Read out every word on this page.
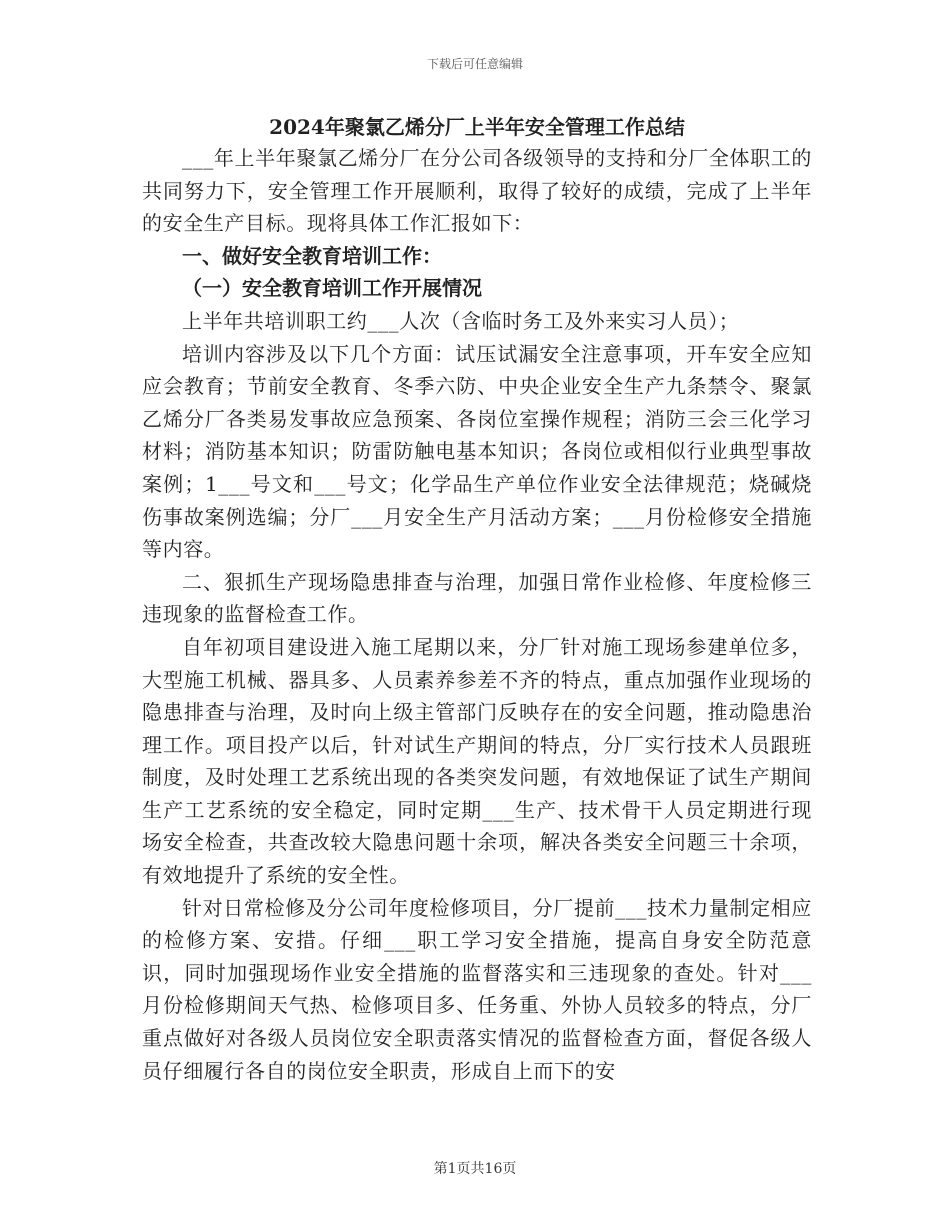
下载后可任意编辑
2024年聚氯乙烯分厂上半年安全管理工作总结

___年上半年聚氯乙烯分厂在分公司各级领导的支持和分厂全体职工的共同努力下，安全管理工作开展顺利，取得了较好的成绩，完成了上半年的安全生产目标。现将具体工作汇报如下：

一、做好安全教育培训工作：

（一）安全教育培训工作开展情况

上半年共培训职工约___人次（含临时务工及外来实习人员）；

培训内容涉及以下几个方面：试压试漏安全注意事项，开车安全应知应会教育；节前安全教育、冬季六防、中央企业安全生产九条禁令、聚氯乙烯分厂各类易发事故应急预案、各岗位室操作规程；消防三会三化学习材料；消防基本知识；防雷防触电基本知识；各岗位或相似行业典型事故案例；1___号文和___号文；化学品生产单位作业安全法律规范；烧碱烧伤事故案例选编；分厂___月安全生产月活动方案；___月份检修安全措施等内容。

二、狠抓生产现场隐患排查与治理，加强日常作业检修、年度检修三违现象的监督检查工作。

自年初项目建设进入施工尾期以来，分厂针对施工现场参建单位多，大型施工机械、器具多、人员素养参差不齐的特点，重点加强作业现场的隐患排查与治理，及时向上级主管部门反映存在的安全问题，推动隐患治理工作。项目投产以后，针对试生产期间的特点，分厂实行技术人员跟班制度，及时处理工艺系统出现的各类突发问题，有效地保证了试生产期间生产工艺系统的安全稳定，同时定期___生产、技术骨干人员定期进行现场安全检查，共查改较大隐患问题十余项，解决各类安全问题三十余项，有效地提升了系统的安全性。

针对日常检修及分公司年度检修项目，分厂提前___技术力量制定相应的检修方案、安措。仔细___职工学习安全措施，提高自身安全防范意识，同时加强现场作业安全措施的监督落实和三违现象的查处。针对___月份检修期间天气热、检修项目多、任务重、外协人员较多的特点，分厂重点做好对各级人员岗位安全职责落实情况的监督检查方面，督促各级人员仔细履行各自的岗位安全职责，形成自上而下的安

第1页共16页
